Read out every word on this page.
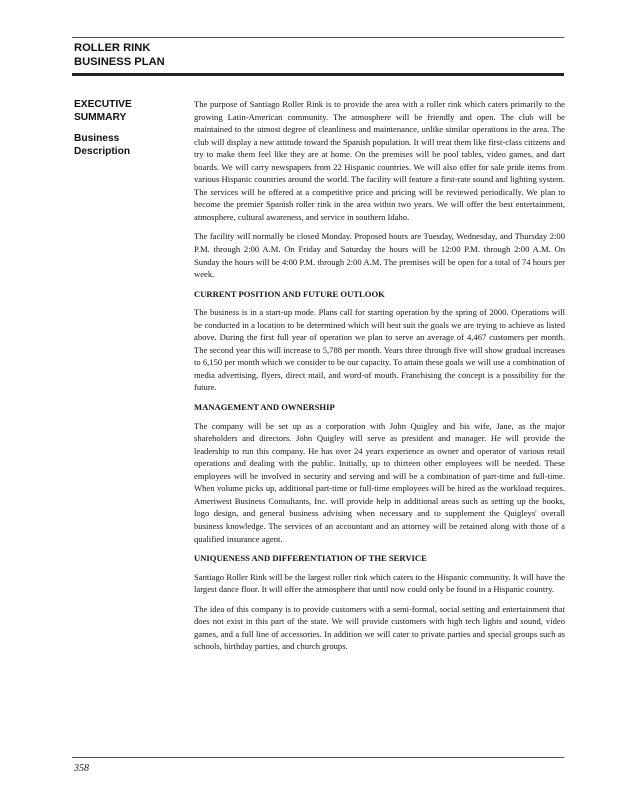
ROLLER RINK
BUSINESS PLAN
EXECUTIVE
SUMMARY
Business
Description

The purpose of Santiago Roller Rink is to provide the area with a roller rink which caters primarily to the growing Latin-American community. The atmosphere will be friendly and open. The club will be maintained to the utmost degree of cleanliness and maintenance, unlike similar operations in the area. The club will display a new attitude toward the Spanish population. It will treat them like first-class citizens and try to make them feel like they are at home. On the premises will be pool tables, video games, and dart boards. We will carry newspapers from 22 Hispanic countries. We will also offer for sale pride items from various Hispanic countries around the world. The facility will feature a first-rate sound and lighting system. The services will be offered at a competitive price and pricing will be reviewed periodically. We plan to become the premier Spanish roller rink in the area within two years. We will offer the best entertainment, atmosphere, cultural awareness, and service in southern Idaho.

The facility will normally be closed Monday. Proposed hours are Tuesday, Wednesday, and Thursday 2:00 P.M. through 2:00 A.M. On Friday and Saturday the hours will be 12:00 P.M. through 2:00 A.M. On Sunday the hours will be 4:00 P.M. through 2:00 A.M. The premises will be open for a total of 74 hours per week.

CURRENT POSITION AND FUTURE OUTLOOK

The business is in a start-up mode. Plans call for starting operation by the spring of 2000. Operations will be conducted in a location to be determined which will best suit the goals we are trying to achieve as listed above. During the first full year of operation we plan to serve an average of 4,467 customers per month. The second year this will increase to 5,788 per month. Years three through five will show gradual increases to 6,150 per month which we consider to be our capacity. To attain these goals we will use a combination of media advertising, flyers, direct mail, and word-of mouth. Franchising the concept is a possibility for the future.

MANAGEMENT AND OWNERSHIP

The company will be set up as a corporation with John Quigley and his wife, Jane, as the major shareholders and directors. John Quigley will serve as president and manager. He will provide the leadership to run this company. He has over 24 years experience as owner and operator of various retail operations and dealing with the public. Initially, up to thirteen other employees will be needed. These employees will be involved in security and serving and will be a combination of part-time and full-time. When volume picks up, additional part-time or full-time employees will be hired as the workload requires. Ameriwest Business Consultants, Inc. will provide help in additional areas such as setting up the books, logo design, and general business advising when necessary and to supplement the Quigleys' overall business knowledge. The services of an accountant and an attorney will be retained along with those of a qualified insurance agent.

UNIQUENESS AND DIFFERENTIATION OF THE SERVICE

Santiago Roller Rink will be the largest roller rink which caters to the Hispanic community. It will have the largest dance floor. It will offer the atmosphere that until now could only be found in a Hispanic country.

The idea of this company is to provide customers with a semi-formal, social setting and entertainment that does not exist in this part of the state. We will provide customers with high tech lights and sound, video games, and a full line of accessories. In addition we will cater to private parties and special groups such as schools, birthday parties, and church groups.

358
